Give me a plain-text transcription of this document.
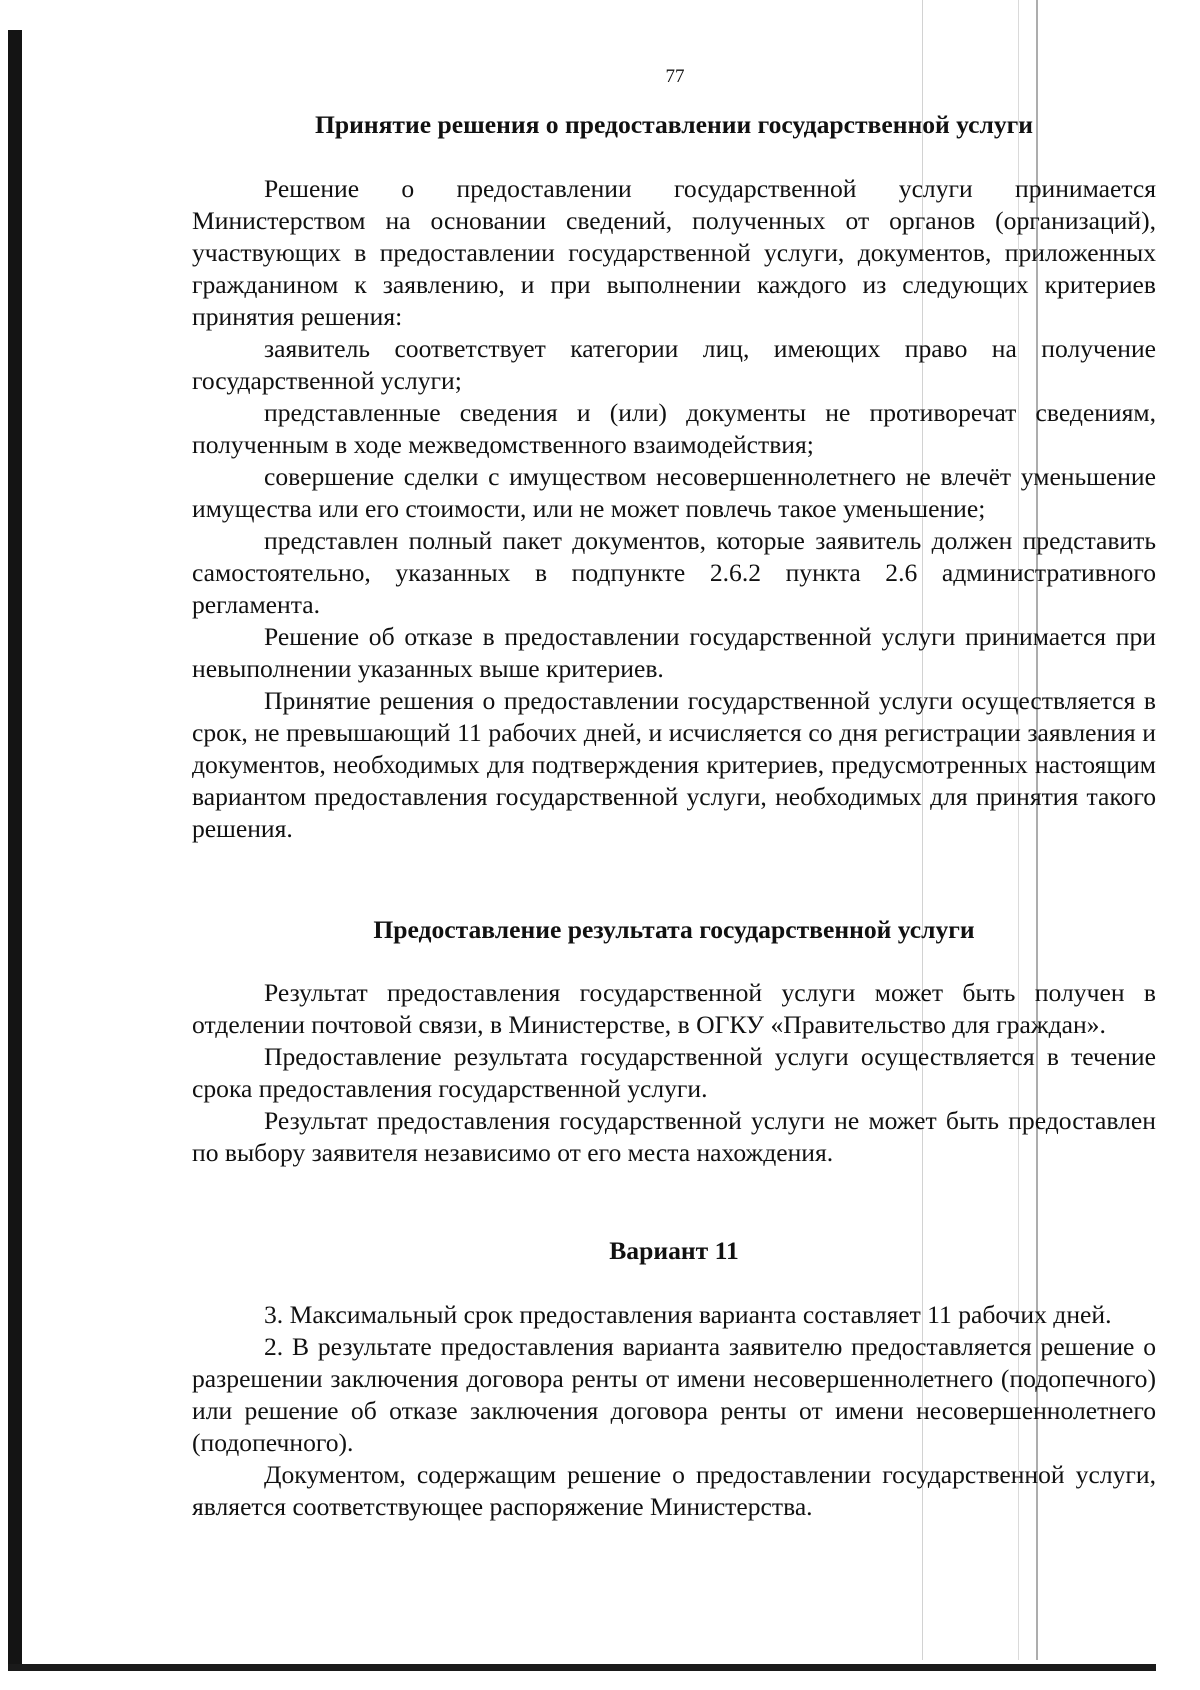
77
Принятие решения о предоставлении государственной услуги

Решение о предоставлении государственной услуги принимается Министерством на основании сведений, полученных от органов (организаций), участвующих в предоставлении государственной услуги, документов, приложенных гражданином к заявлению, и при выполнении каждого из следующих критериев принятия решения:

заявитель соответствует категории лиц, имеющих право на получение государственной услуги;

представленные сведения и (или) документы не противоречат сведениям, полученным в ходе межведомственного взаимодействия;

совершение сделки с имуществом несовершеннолетнего не влечёт уменьшение имущества или его стоимости, или не может повлечь такое уменьшение;

представлен полный пакет документов, которые заявитель должен представить самостоятельно, указанных в подпункте 2.6.2 пункта 2.6 административного регламента.

Решение об отказе в предоставлении государственной услуги принимается при невыполнении указанных выше критериев.

Принятие решения о предоставлении государственной услуги осуществляется в срок, не превышающий 11 рабочих дней, и исчисляется со дня регистрации заявления и документов, необходимых для подтверждения критериев, предусмотренных настоящим вариантом предоставления государственной услуги, необходимых для принятия такого решения.

Предоставление результата государственной услуги

Результат предоставления государственной услуги может быть получен в отделении почтовой связи, в Министерстве, в ОГКУ «Правительство для граждан».

Предоставление результата государственной услуги осуществляется в течение срока предоставления государственной услуги.

Результат предоставления государственной услуги не может быть предоставлен по выбору заявителя независимо от его места нахождения.

Вариант 11

3. Максимальный срок предоставления варианта составляет 11 рабочих дней.

2. В результате предоставления варианта заявителю предоставляется решение о разрешении заключения договора ренты от имени несовершеннолетнего (подопечного) или решение об отказе заключения договора ренты от имени несовершеннолетнего (подопечного).

Документом, содержащим решение о предоставлении государственной услуги, является соответствующее распоряжение Министерства.
